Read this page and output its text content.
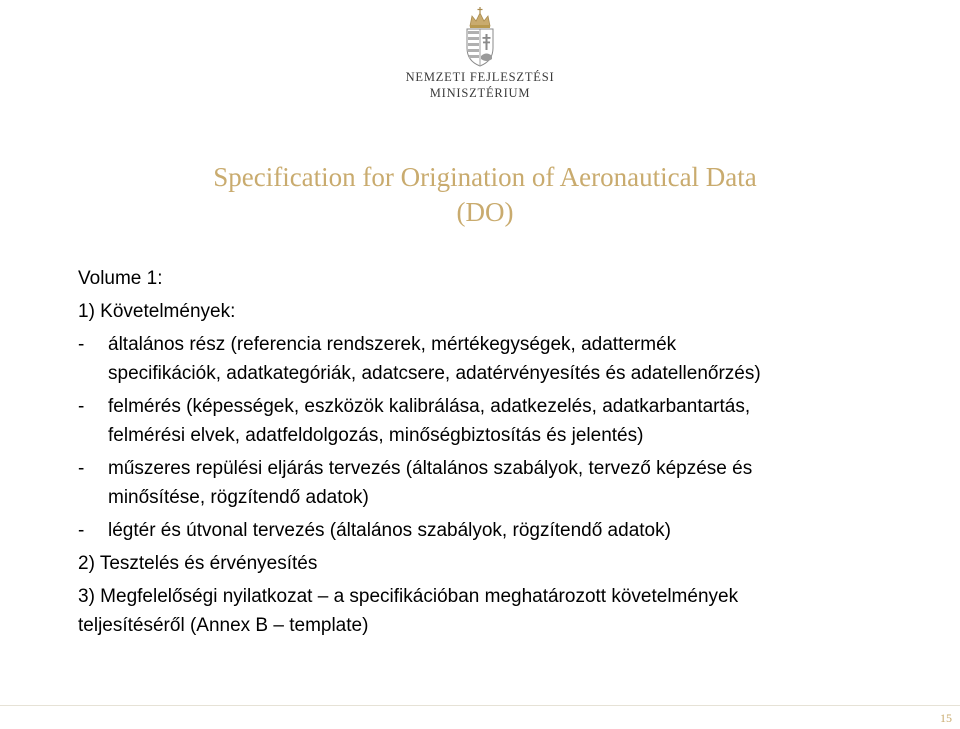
NEMZETI FEJLESZTÉSI
MINISZTÉRIUM
Specification for Origination of Aeronautical Data
(DO)

Volume 1:

1) Követelmények:

- általános rész (referencia rendszerek, mértékegységek, adattermék

specifikációk, adatkategóriák, adatcsere, adatérvényesítés és adatellenőrzés)

- felmérés (képességek, eszközök kalibrálása, adatkezelés, adatkarbantartás,

felmérési elvek, adatfeldolgozás, minőségbiztosítás és jelentés)

- műszeres repülési eljárás tervezés (általános szabályok, tervező képzése és

minősítése, rögzítendő adatok)

- légtér és útvonal tervezés (általános szabályok, rögzítendő adatok)

2) Tesztelés és érvényesítés

3) Megfelelőségi nyilatkozat – a specifikációban meghatározott követelmények

teljesítéséről (Annex B – template)

15
